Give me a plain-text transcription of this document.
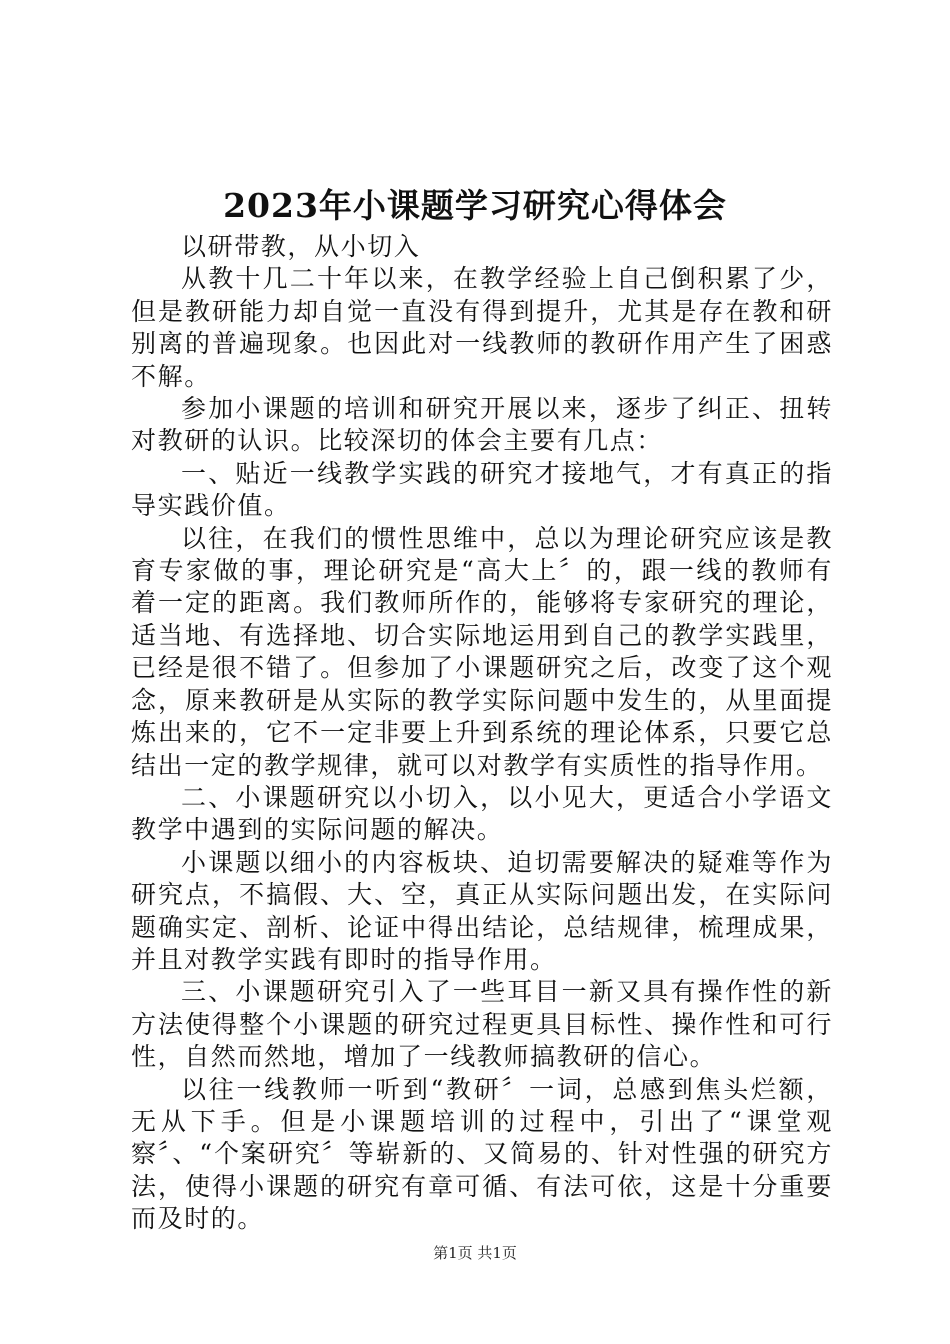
2023年小课题学习研究心得体会

以研带教，从小切入

从教十几二十年以来，在教学经验上自己倒积累了少，但是教研能力却自觉一直没有得到提升，尤其是存在教和研别离的普遍现象。也因此对一线教师的教研作用产生了困惑不解。

参加小课题的培训和研究开展以来，逐步了纠正、扭转对教研的认识。比较深切的体会主要有几点：

一、贴近一线教学实践的研究才接地气，才有真正的指导实践价值。

以往，在我们的惯性思维中，总以为理论研究应该是教育专家做的事，理论研究是“高大上〞的，跟一线的教师有着一定的距离。我们教师所作的，能够将专家研究的理论，适当地、有选择地、切合实际地运用到自己的教学实践里，已经是很不错了。但参加了小课题研究之后，改变了这个观念，原来教研是从实际的教学实际问题中发生的，从里面提炼出来的，它不一定非要上升到系统的理论体系，只要它总结出一定的教学规律，就可以对教学有实质性的指导作用。

二、小课题研究以小切入，以小见大，更适合小学语文教学中遇到的实际问题的解决。

小课题以细小的内容板块、迫切需要解决的疑难等作为研究点，不搞假、大、空，真正从实际问题出发，在实际问题确实定、剖析、论证中得出结论，总结规律，梳理成果，并且对教学实践有即时的指导作用。

三、小课题研究引入了一些耳目一新又具有操作性的新方法使得整个小课题的研究过程更具目标性、操作性和可行性，自然而然地，增加了一线教师搞教研的信心。

以往一线教师一听到“教研〞一词，总感到焦头烂额，无从下手。但是小课题培训的过程中，引出了“课堂观察〞、“个案研究〞等崭新的、又简易的、针对性强的研究方法，使得小课题的研究有章可循、有法可依，这是十分重要而及时的。

第1页 共1页
